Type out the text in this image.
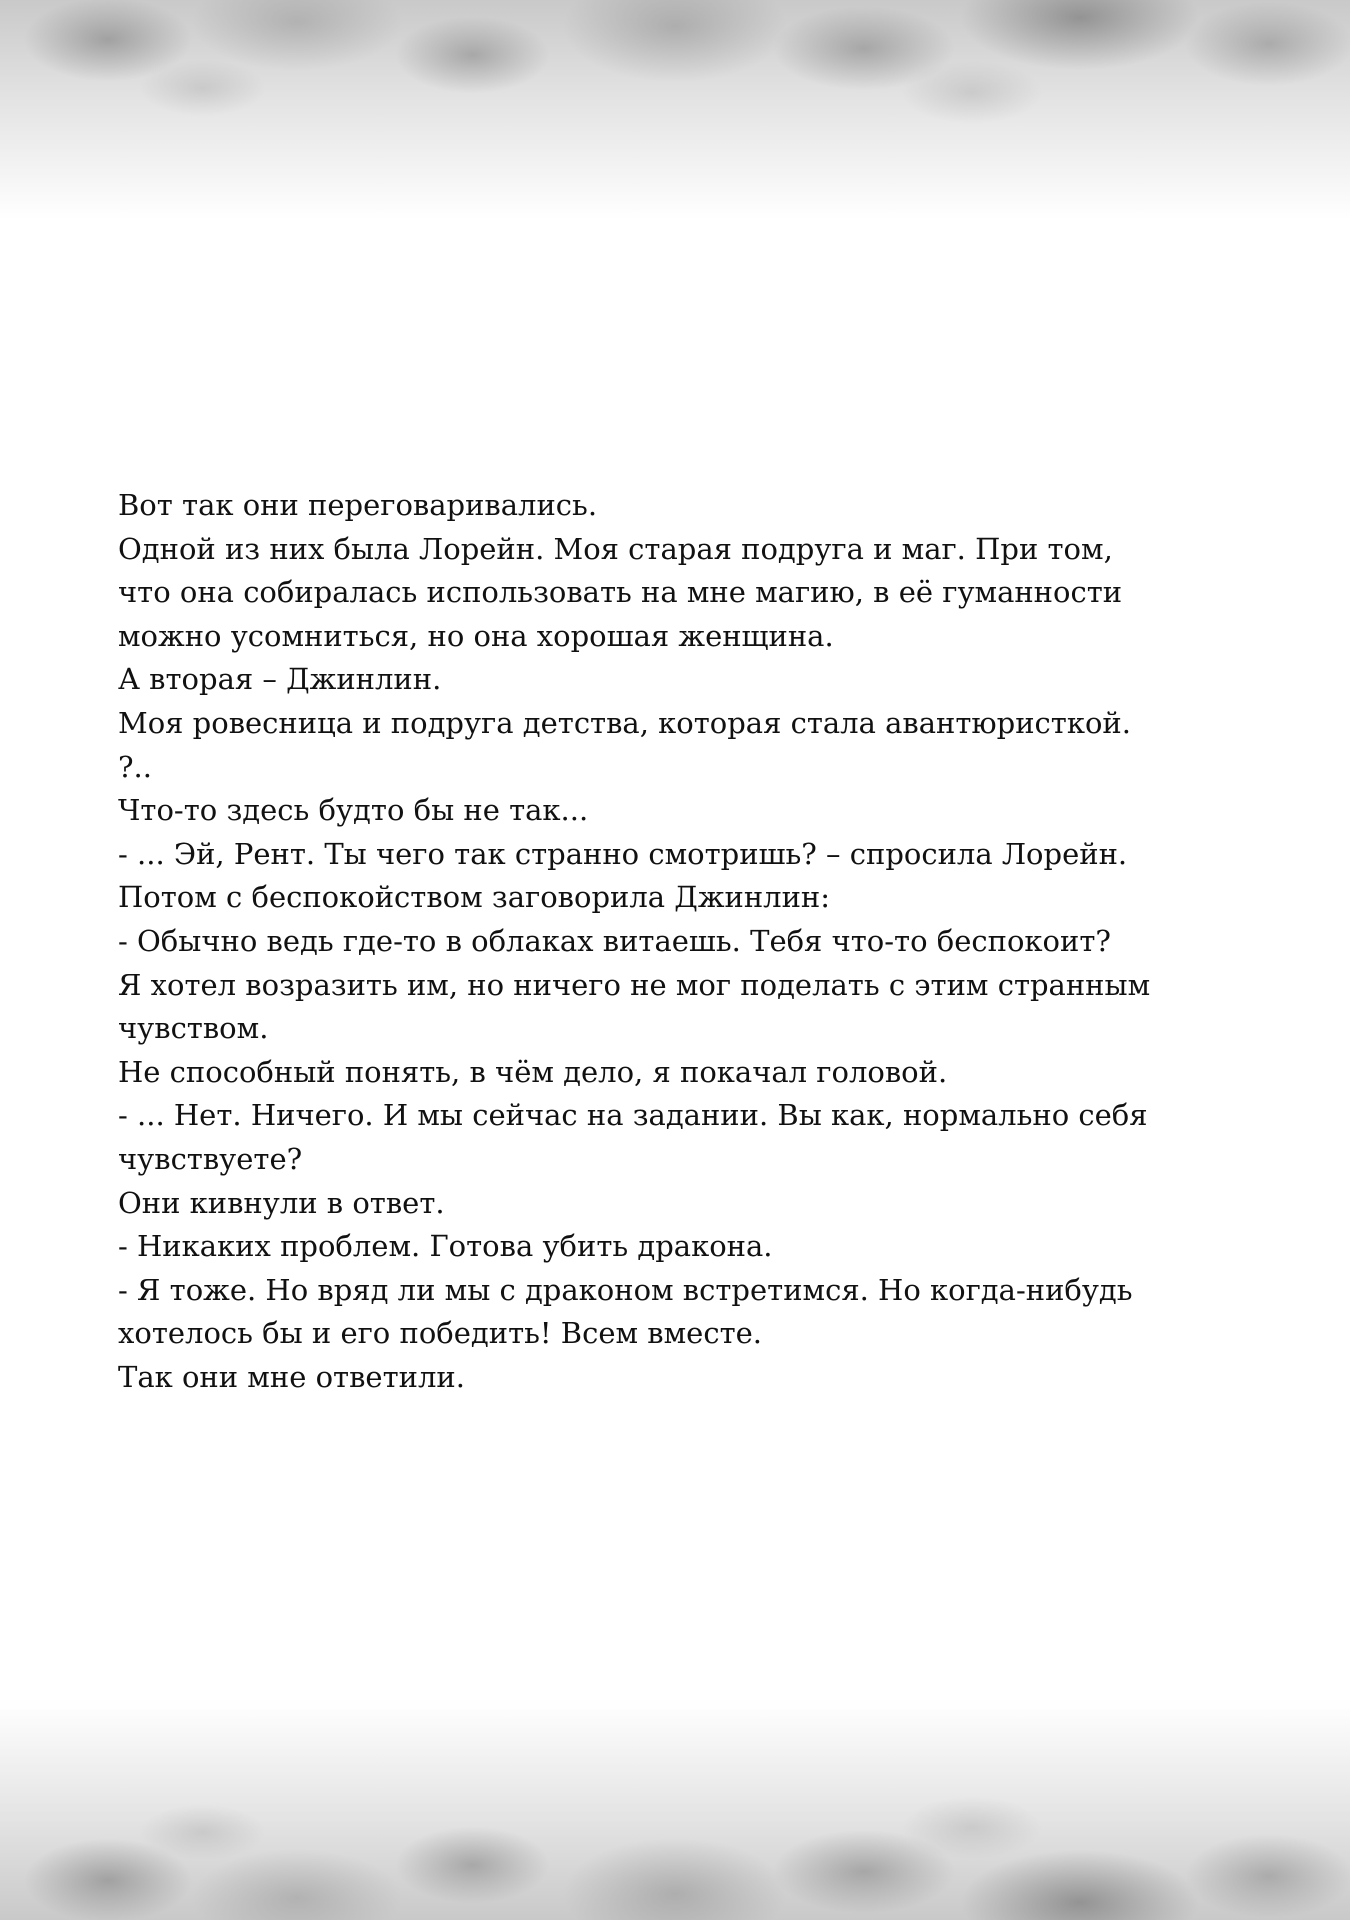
Вот так они переговаривались.

Одной из них была Лорейн. Моя старая подруга и маг. При том,

что она собиралась использовать на мне магию, в её гуманности

можно усомниться, но она хорошая женщина.

А вторая – Джинлин.

Моя ровесница и подруга детства, которая стала авантюристкой.

?..

Что-то здесь будто бы не так...

- ... Эй, Рент. Ты чего так странно смотришь? – спросила Лорейн.

Потом с беспокойством заговорила Джинлин:

- Обычно ведь где-то в облаках витаешь. Тебя что-то беспокоит?

Я хотел возразить им, но ничего не мог поделать с этим странным

чувством.

Не способный понять, в чём дело, я покачал головой.

- ... Нет. Ничего. И мы сейчас на задании. Вы как, нормально себя

чувствуете?

Они кивнули в ответ.

- Никаких проблем. Готова убить дракона.

- Я тоже. Но вряд ли мы с драконом встретимся. Но когда-нибудь

хотелось бы и его победить! Всем вместе.

Так они мне ответили.
